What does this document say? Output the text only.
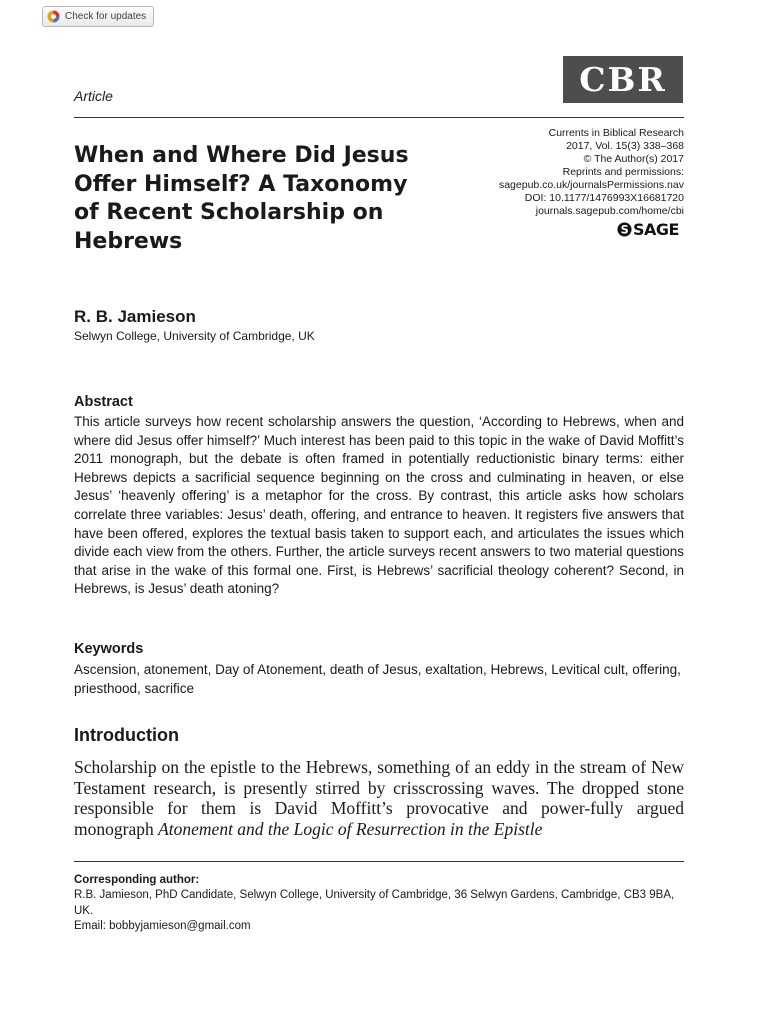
Check for updates
CBR
Article
When and Where Did Jesus
Offer Himself? A Taxonomy
of Recent Scholarship on
Hebrews
Currents in Biblical Research
2017, Vol. 15(3) 338–368
© The Author(s) 2017
Reprints and permissions:
sagepub.co.uk/journalsPermissions.nav
DOI: 10.1177/1476993X16681720
journals.sagepub.com/home/cbi
S SAGE
R. B. Jamieson
Selwyn College, University of Cambridge, UK
Abstract

This article surveys how recent scholarship answers the question, ‘According to Hebrews, when and where did Jesus offer himself?’ Much interest has been paid to this topic in the wake of David Moffitt’s 2011 monograph, but the debate is often framed in potentially reductionistic binary terms: either Hebrews depicts a sacrificial sequence beginning on the cross and culminating in heaven, or else Jesus’ ‘heavenly offering’ is a metaphor for the cross. By contrast, this article asks how scholars correlate three variables: Jesus’ death, offering, and entrance to heaven. It registers five answers that have been offered, explores the textual basis taken to support each, and articulates the issues which divide each view from the others. Further, the article surveys recent answers to two material questions that arise in the wake of this formal one. First, is Hebrews’ sacrificial theology coherent? Second, in Hebrews, is Jesus’ death atoning?

Keywords

Ascension, atonement, Day of Atonement, death of Jesus, exaltation, Hebrews, Levitical cult, offering, priesthood, sacrifice

Introduction

Scholarship on the epistle to the Hebrews, something of an eddy in the stream of New Testament research, is presently stirred by crisscrossing waves. The dropped stone responsible for them is David Moffitt’s provocative and power-fully argued monograph Atonement and the Logic of Resurrection in the Epistle

Corresponding author:
R.B. Jamieson, PhD Candidate, Selwyn College, University of Cambridge, 36 Selwyn Gardens, Cambridge, CB3 9BA, UK.
Email: bobbyjamieson@gmail.com
